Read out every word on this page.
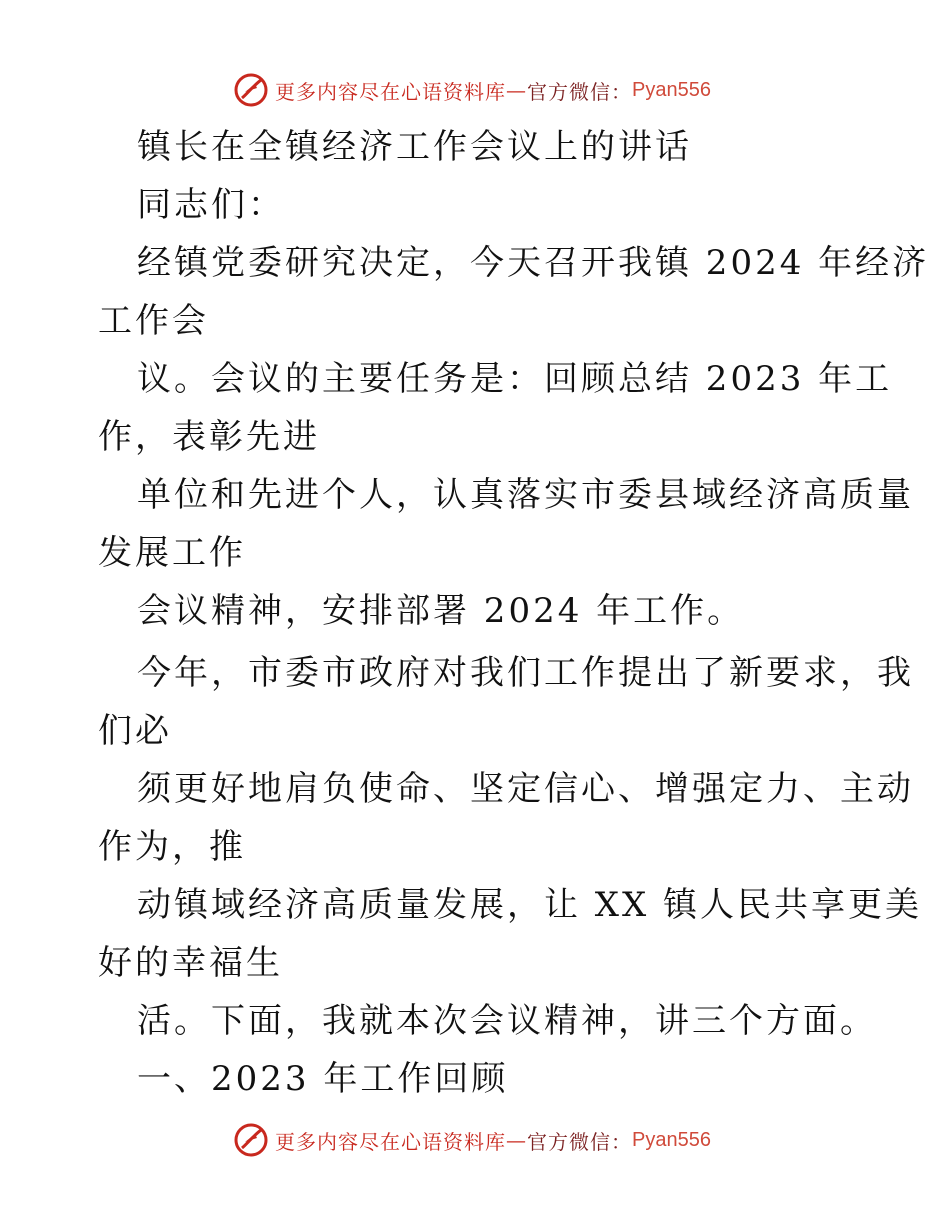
更多内容尽在心语资料库 — 官方微信： Pyan556
镇长在全镇经济工作会议上的讲话
同志们：
经镇党委研究决定，今天召开我镇 2024 年经济
工作会
议。会议的主要任务是：回顾总结 2023 年工
作，表彰先进
单位和先进个人，认真落实市委县域经济高质量
发展工作
会议精神，安排部署 2024 年工作。
今年，市委市政府对我们工作提出了新要求，我
们必
须更好地肩负使命、坚定信心、增强定力、主动
作为，推
动镇域经济高质量发展，让 XX 镇人民共享更美
好的幸福生
活。下面，我就本次会议精神，讲三个方面。
一、2023 年工作回顾
更多内容尽在心语资料库 — 官方微信： Pyan556
